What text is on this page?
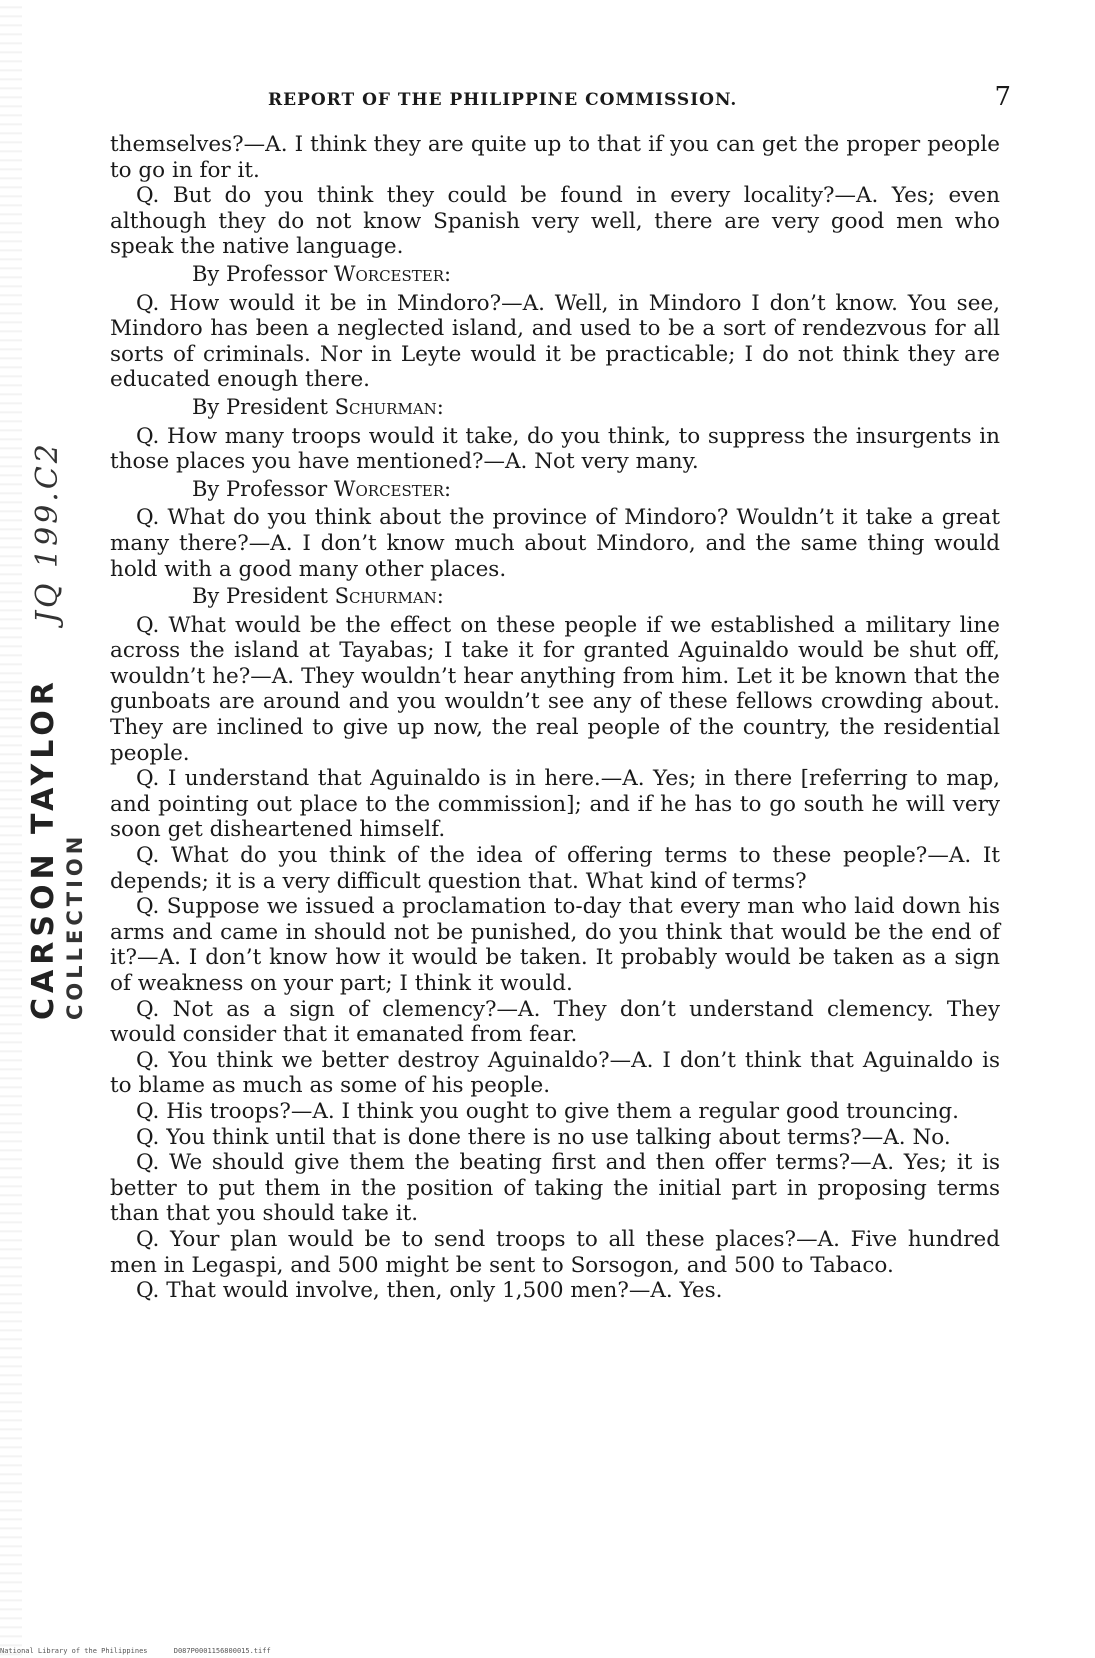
CARSON TAYLOR COLLECTION
JQ 199.C2
REPORT OF THE PHILIPPINE COMMISSION.	7

themselves?—A. I think they are quite up to that if you can get the proper people to go in for it.

Q. But do you think they could be found in every locality?—A. Yes; even although they do not know Spanish very well, there are very good men who speak the native language.

By Professor Worcester:

Q. How would it be in Mindoro?—A. Well, in Mindoro I don’t know. You see, Mindoro has been a neglected island, and used to be a sort of rendezvous for all sorts of criminals. Nor in Leyte would it be practicable; I do not think they are educated enough there.

By President Schurman:

Q. How many troops would it take, do you think, to suppress the insurgents in those places you have mentioned?—A. Not very many.

By Professor Worcester:

Q. What do you think about the province of Mindoro? Wouldn’t it take a great many there?—A. I don’t know much about Mindoro, and the same thing would hold with a good many other places.

By President Schurman:

Q. What would be the effect on these people if we established a military line across the island at Tayabas; I take it for granted Aguinaldo would be shut off, wouldn’t he?—A. They wouldn’t hear anything from him. Let it be known that the gunboats are around and you wouldn’t see any of these fellows crowding about. They are inclined to give up now, the real people of the country, the residential people.

Q. I understand that Aguinaldo is in here.—A. Yes; in there [referring to map, and pointing out place to the commission]; and if he has to go south he will very soon get disheartened himself.

Q. What do you think of the idea of offering terms to these people?—A. It depends; it is a very difficult question that. What kind of terms?

Q. Suppose we issued a proclamation to-day that every man who laid down his arms and came in should not be punished, do you think that would be the end of it?—A. I don’t know how it would be taken. It probably would be taken as a sign of weakness on your part; I think it would.

Q. Not as a sign of clemency?—A. They don’t understand clemency. They would consider that it emanated from fear.

Q. You think we better destroy Aguinaldo?—A. I don’t think that Aguinaldo is to blame as much as some of his people.

Q. His troops?—A. I think you ought to give them a regular good trouncing.

Q. You think until that is done there is no use talking about terms?—A. No.

Q. We should give them the beating first and then offer terms?—A. Yes; it is better to put them in the position of taking the initial part in proposing terms than that you should take it.

Q. Your plan would be to send troops to all these places?—A. Five hundred men in Legaspi, and 500 might be sent to Sorsogon, and 500 to Tabaco.

Q. That would involve, then, only 1,500 men?—A. Yes.

National Library of the Philippines	D087P0001156800015.tiff
